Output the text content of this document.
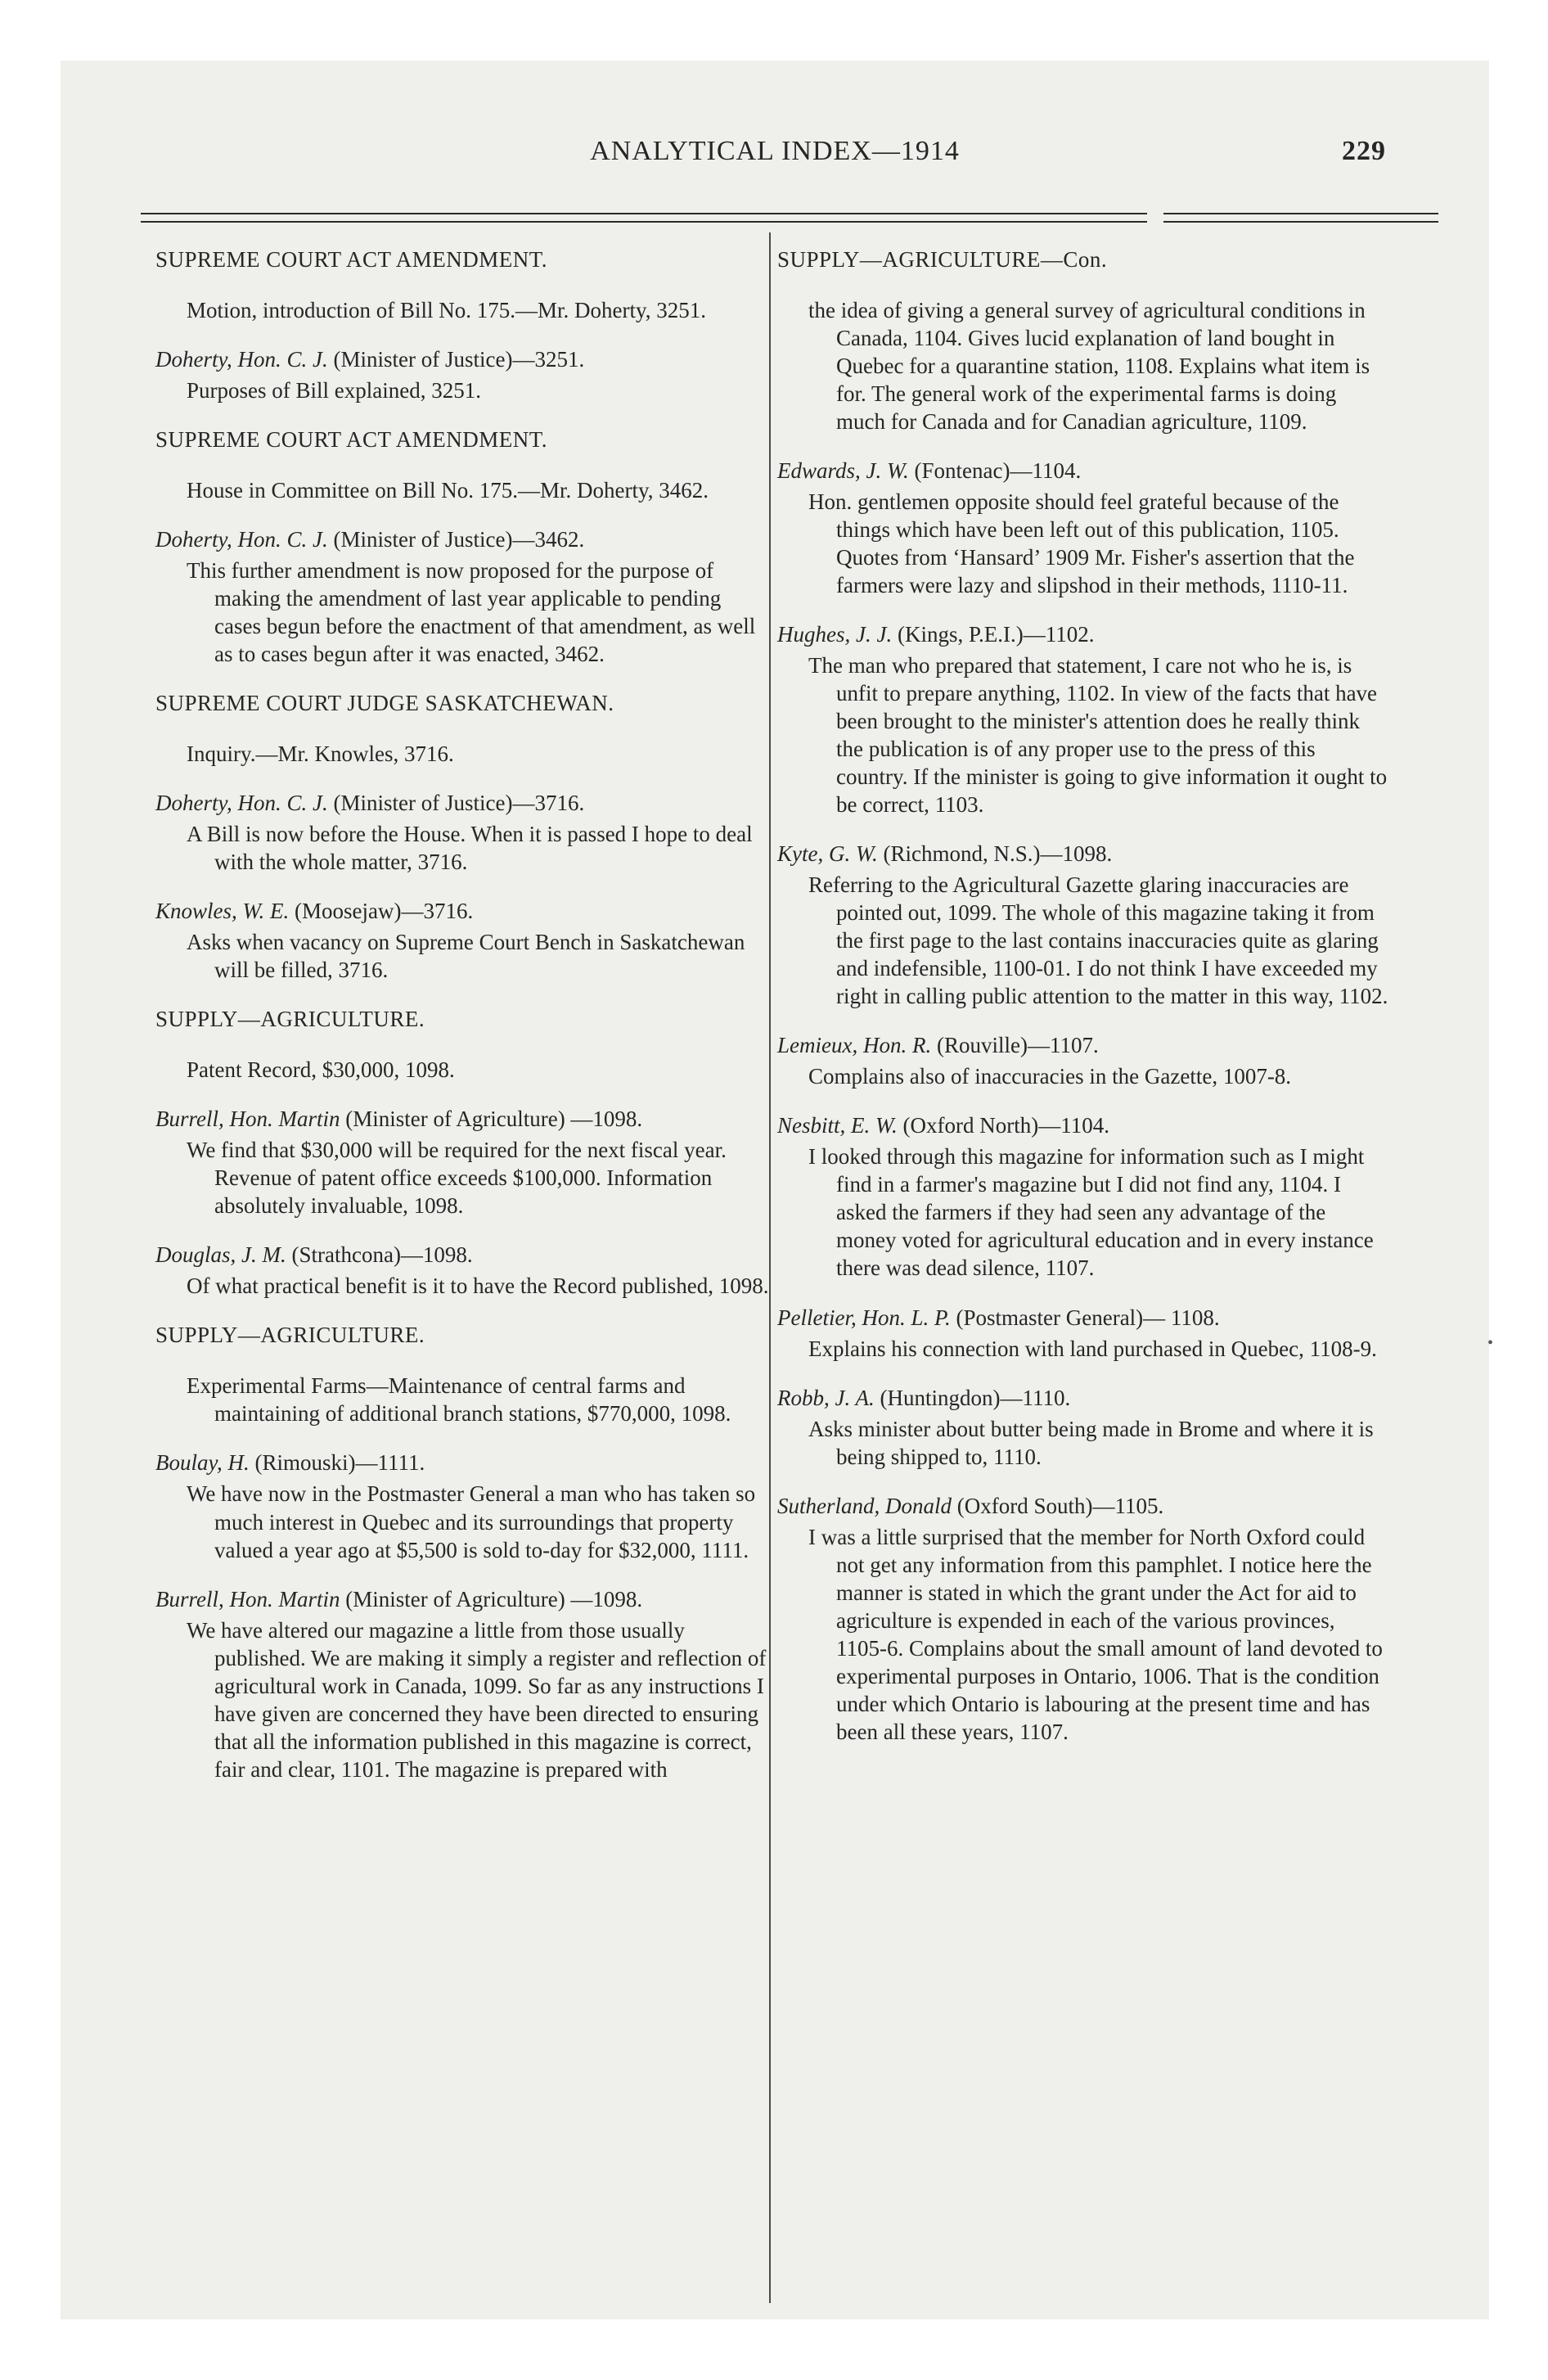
ANALYTICAL INDEX—1914	229
SUPREME COURT ACT AMENDMENT.
Motion, introduction of Bill No. 175.—Mr. Doherty, 3251.
Doherty, Hon. C. J. (Minister of Justice)—3251.
Purposes of Bill explained, 3251.
SUPREME COURT ACT AMENDMENT.
House in Committee on Bill No. 175.—Mr. Doherty, 3462.
Doherty, Hon. C. J. (Minister of Justice)—3462.
This further amendment is now proposed for the purpose of making the amendment of last year applicable to pending cases begun before the enactment of that amendment, as well as to cases begun after it was enacted, 3462.
SUPREME COURT JUDGE SASKATCHEWAN.
Inquiry.—Mr. Knowles, 3716.
Doherty, Hon. C. J. (Minister of Justice)—3716.
A Bill is now before the House. When it is passed I hope to deal with the whole matter, 3716.
Knowles, W. E. (Moosejaw)—3716.
Asks when vacancy on Supreme Court Bench in Saskatchewan will be filled, 3716.
SUPPLY—AGRICULTURE.
Patent Record, $30,000, 1098.
Burrell, Hon. Martin (Minister of Agriculture) —1098.
We find that $30,000 will be required for the next fiscal year. Revenue of patent office exceeds $100,000. Information absolutely invaluable, 1098.
Douglas, J. M. (Strathcona)—1098.
Of what practical benefit is it to have the Record published, 1098.
SUPPLY—AGRICULTURE.
Experimental Farms—Maintenance of central farms and maintaining of additional branch stations, $770,000, 1098.
Boulay, H. (Rimouski)—1111.
We have now in the Postmaster General a man who has taken so much interest in Quebec and its surroundings that property valued a year ago at $5,500 is sold to-day for $32,000, 1111.
Burrell, Hon. Martin (Minister of Agriculture) —1098.
We have altered our magazine a little from those usually published. We are making it simply a register and reflection of agricultural work in Canada, 1099. So far as any instructions I have given are concerned they have been directed to ensuring that all the information published in this magazine is correct, fair and clear, 1101. The magazine is prepared with
SUPPLY—AGRICULTURE—Con.
the idea of giving a general survey of agricultural conditions in Canada, 1104. Gives lucid explanation of land bought in Quebec for a quarantine station, 1108. Explains what item is for. The general work of the experimental farms is doing much for Canada and for Canadian agriculture, 1109.
Edwards, J. W. (Fontenac)—1104.
Hon. gentlemen opposite should feel grateful because of the things which have been left out of this publication, 1105. Quotes from ‘Hansard’ 1909 Mr. Fisher's assertion that the farmers were lazy and slipshod in their methods, 1110-11.
Hughes, J. J. (Kings, P.E.I.)—1102.
The man who prepared that statement, I care not who he is, is unfit to prepare anything, 1102. In view of the facts that have been brought to the minister's attention does he really think the publication is of any proper use to the press of this country. If the minister is going to give information it ought to be correct, 1103.
Kyte, G. W. (Richmond, N.S.)—1098.
Referring to the Agricultural Gazette glaring inaccuracies are pointed out, 1099. The whole of this magazine taking it from the first page to the last contains inaccuracies quite as glaring and indefensible, 1100-01. I do not think I have exceeded my right in calling public attention to the matter in this way, 1102.
Lemieux, Hon. R. (Rouville)—1107.
Complains also of inaccuracies in the Gazette, 1007-8.
Nesbitt, E. W. (Oxford North)—1104.
I looked through this magazine for information such as I might find in a farmer's magazine but I did not find any, 1104. I asked the farmers if they had seen any advantage of the money voted for agricultural education and in every instance there was dead silence, 1107.
Pelletier, Hon. L. P. (Postmaster General)— 1108.
Explains his connection with land purchased in Quebec, 1108-9.
Robb, J. A. (Huntingdon)—1110.
Asks minister about butter being made in Brome and where it is being shipped to, 1110.
Sutherland, Donald (Oxford South)—1105.
I was a little surprised that the member for North Oxford could not get any information from this pamphlet. I notice here the manner is stated in which the grant under the Act for aid to agriculture is expended in each of the various provinces, 1105-6. Complains about the small amount of land devoted to experimental purposes in Ontario, 1006. That is the condition under which Ontario is labouring at the present time and has been all these years, 1107.
•
